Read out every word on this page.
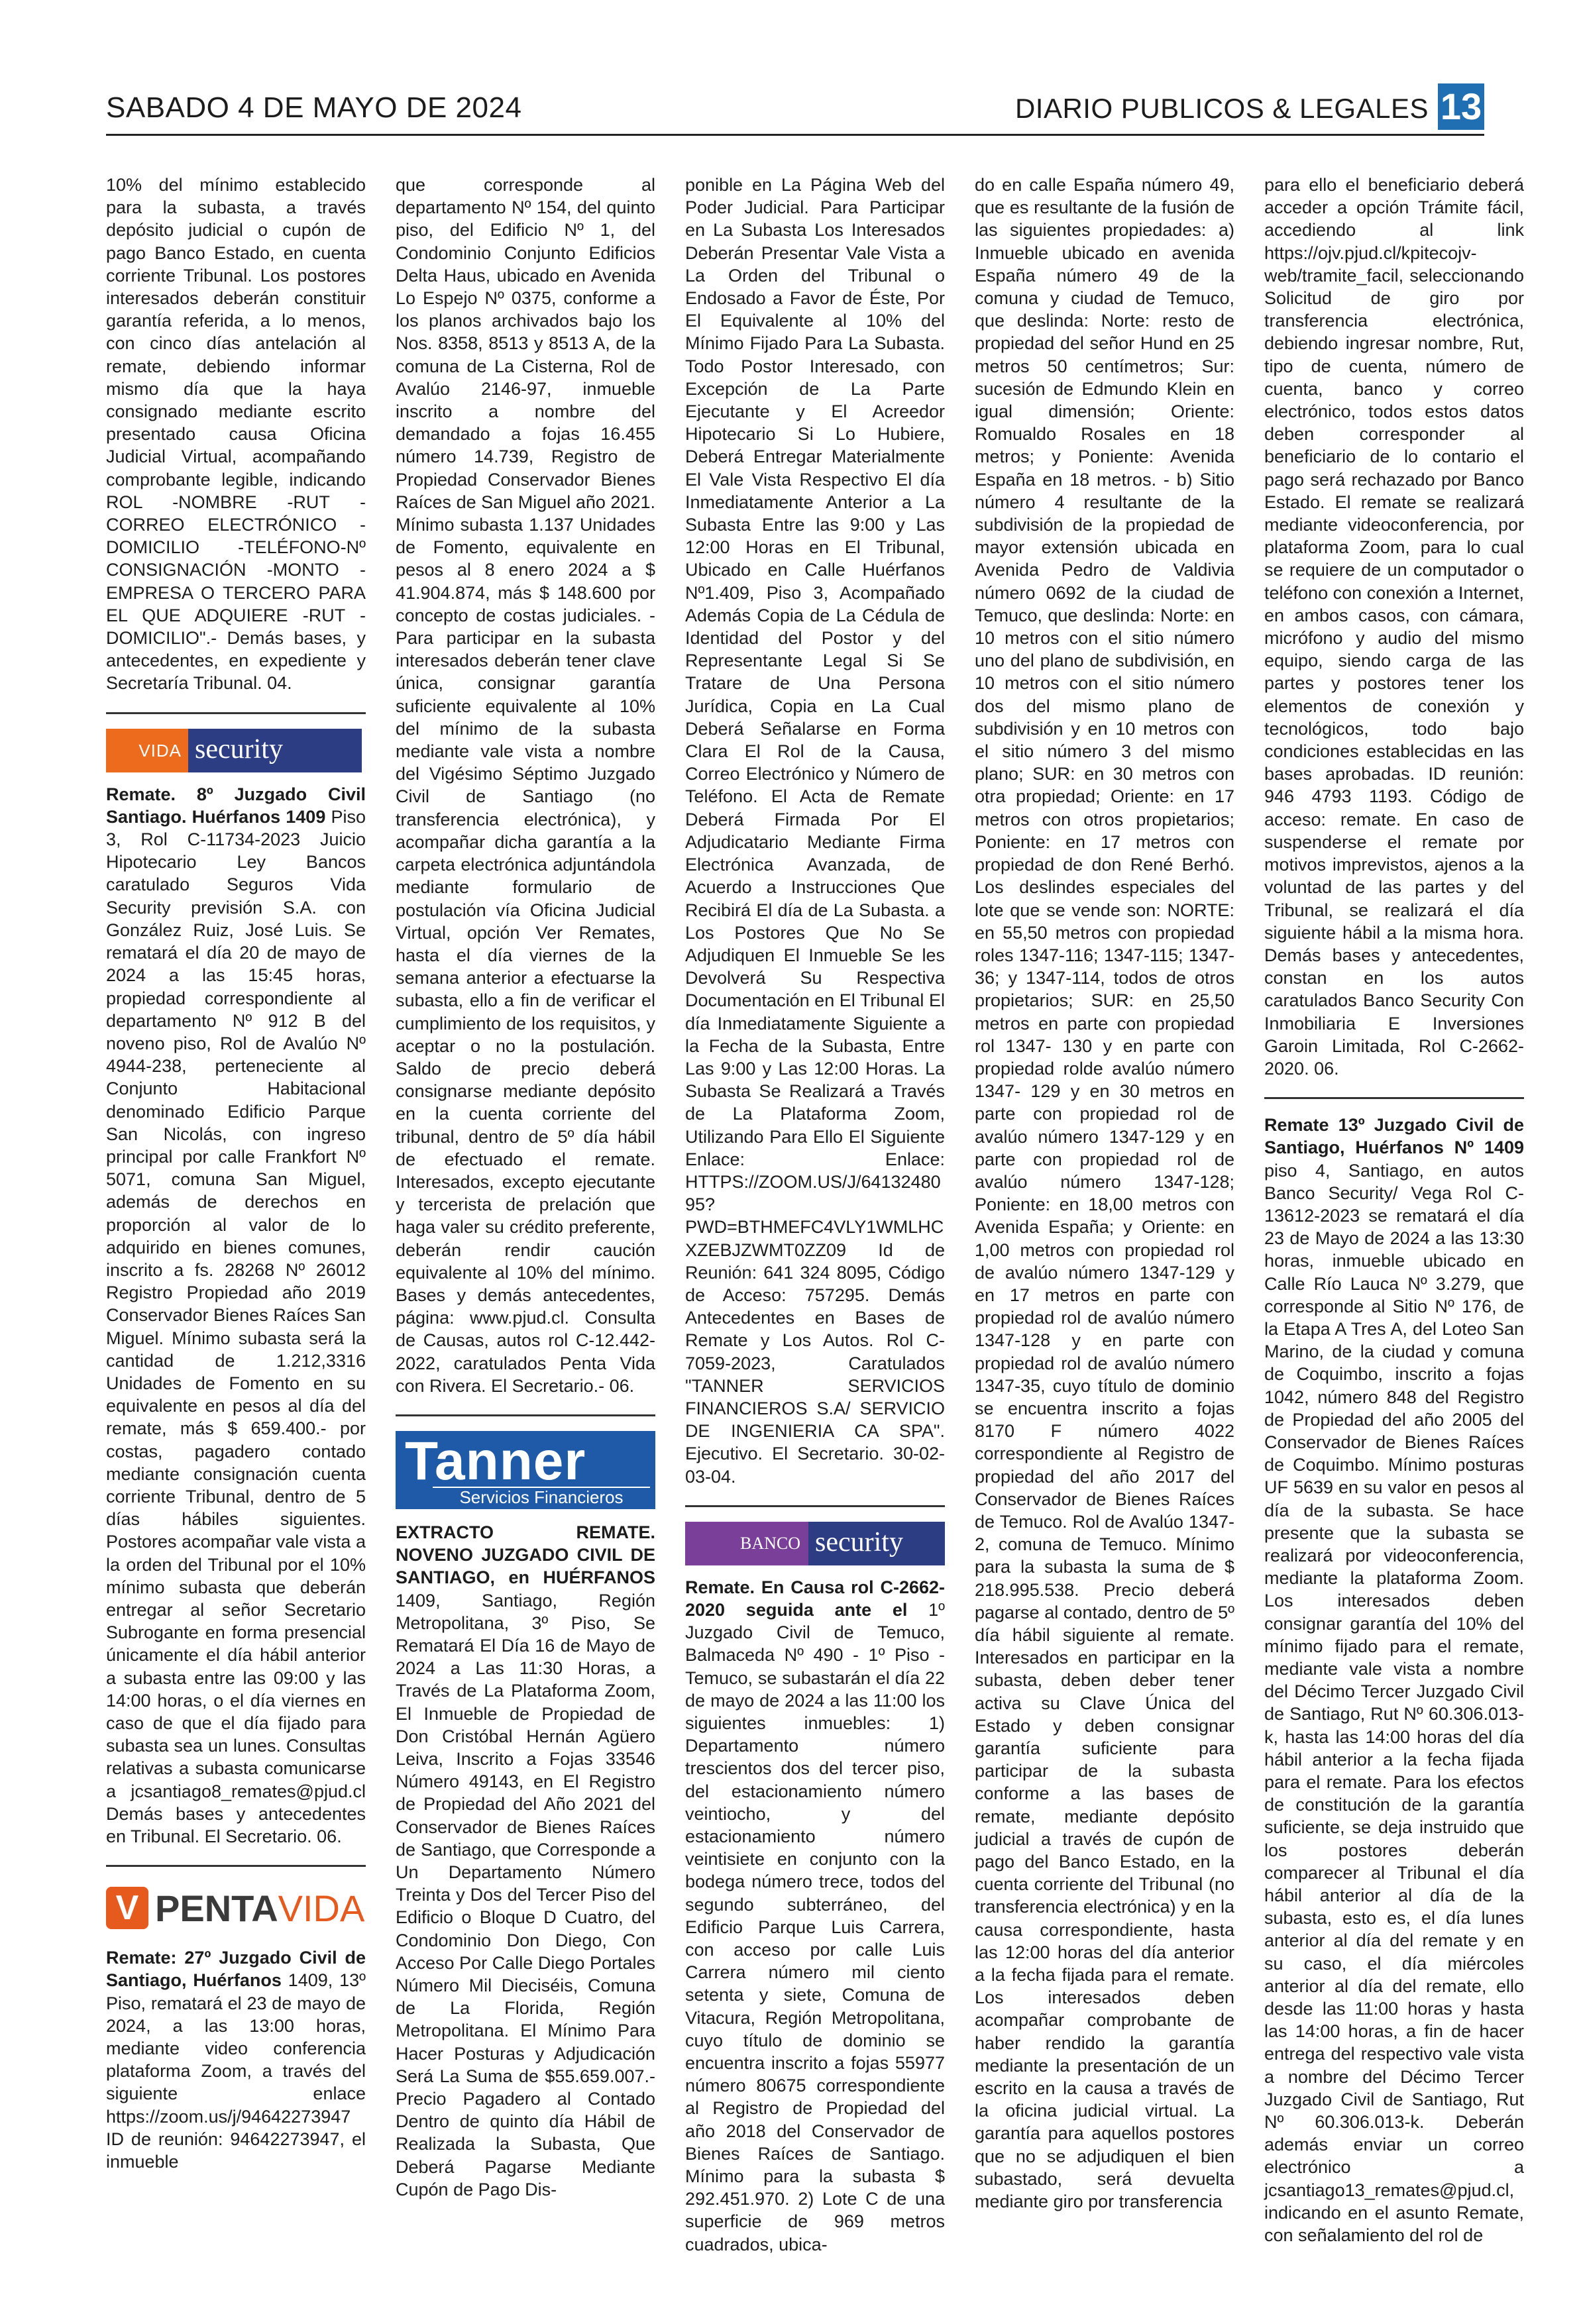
SABADO 4 DE MAYO DE 2024	DIARIO PUBLICOS & LEGALES 13

10% del mínimo establecido para la subasta, a través depósito judicial o cupón de pago Banco Estado, en cuenta corriente Tribunal. Los postores interesados deberán constituir garantía referida, a lo menos, con cinco días antelación al remate, debiendo informar mismo día que la haya consignado mediante escrito presentado causa Oficina Judicial Virtual, acompañando comprobante legible, indicando ROL -NOMBRE -RUT -CORREO ELECTRÓNICO -DOMICILIO -TELÉFONO-Nº CONSIGNACIÓN -MONTO -EMPRESA O TERCERO PARA EL QUE ADQUIERE -RUT -DOMICILIO".- Demás bases, y antecedentes, en expediente y Secretaría Tribunal. 04.

VIDA security

Remate. 8º Juzgado Civil Santiago. Huérfanos 1409 Piso 3, Rol C-11734-2023 Juicio Hipotecario Ley Bancos caratulado Seguros Vida Security previsión S.A. con González Ruiz, José Luis. Se rematará el día 20 de mayo de 2024 a las 15:45 horas, propiedad correspondiente al departamento Nº 912 B del noveno piso, Rol de Avalúo Nº 4944-238, perteneciente al Conjunto Habitacional denominado Edificio Parque San Nicolás, con ingreso principal por calle Frankfort Nº 5071, comuna San Miguel, además de derechos en proporción al valor de lo adquirido en bienes comunes, inscrito a fs. 28268 Nº 26012 Registro Propiedad año 2019 Conservador Bienes Raíces San Miguel. Mínimo subasta será la cantidad de 1.212,3316 Unidades de Fomento en su equivalente en pesos al día del remate, más $ 659.400.- por costas, pagadero contado mediante consignación cuenta corriente Tribunal, dentro de 5 días hábiles siguientes. Postores acompañar vale vista a la orden del Tribunal por el 10% mínimo subasta que deberán entregar al señor Secretario Subrogante en forma presencial únicamente el día hábil anterior a subasta entre las 09:00 y las 14:00 horas, o el día viernes en caso de que el día fijado para subasta sea un lunes. Consultas relativas a subasta comunicarse a jcsantiago8_remates@pjud.cl Demás bases y antecedentes en Tribunal. El Secretario. 06.

V PENTAVIDA

Remate: 27º Juzgado Civil de Santiago, Huérfanos 1409, 13º Piso, rematará el 23 de mayo de 2024, a las 13:00 horas, mediante video conferencia plataforma Zoom, a través del siguiente enlace https://zoom.us/j/94642273947 ID de reunión: 94642273947, el inmueble

que corresponde al departamento Nº 154, del quinto piso, del Edificio Nº 1, del Condominio Conjunto Edificios Delta Haus, ubicado en Avenida Lo Espejo Nº 0375, conforme a los planos archivados bajo los Nos. 8358, 8513 y 8513 A, de la comuna de La Cisterna, Rol de Avalúo 2146-97, inmueble inscrito a nombre del demandado a fojas 16.455 número 14.739, Registro de Propiedad Conservador Bienes Raíces de San Miguel año 2021. Mínimo subasta 1.137 Unidades de Fomento, equivalente en pesos al 8 enero 2024 a $ 41.904.874, más $ 148.600 por concepto de costas judiciales. - Para participar en la subasta interesados deberán tener clave única, consignar garantía suficiente equivalente al 10% del mínimo de la subasta mediante vale vista a nombre del Vigésimo Séptimo Juzgado Civil de Santiago (no transferencia electrónica), y acompañar dicha garantía a la carpeta electrónica adjuntándola mediante formulario de postulación vía Oficina Judicial Virtual, opción Ver Remates, hasta el día viernes de la semana anterior a efectuarse la subasta, ello a fin de verificar el cumplimiento de los requisitos, y aceptar o no la postulación. Saldo de precio deberá consignarse mediante depósito en la cuenta corriente del tribunal, dentro de 5º día hábil de efectuado el remate. Interesados, excepto ejecutante y tercerista de prelación que haga valer su crédito preferente, deberán rendir caución equivalente al 10% del mínimo. Bases y demás antecedentes, página: www.pjud.cl. Consulta de Causas, autos rol C-12.442-2022, caratulados Penta Vida con Rivera. El Secretario.- 06.

Tanner
Servicios Financieros

EXTRACTO REMATE. NOVENO JUZGADO CIVIL DE SANTIAGO, en HUÉRFANOS 1409, Santiago, Región Metropolitana, 3º Piso, Se Rematará El Día 16 de Mayo de 2024 a Las 11:30 Horas, a Través de La Plataforma Zoom, El Inmueble de Propiedad de Don Cristóbal Hernán Agüero Leiva, Inscrito a Fojas 33546 Número 49143, en El Registro de Propiedad del Año 2021 del Conservador de Bienes Raíces de Santiago, que Corresponde a Un Departamento Número Treinta y Dos del Tercer Piso del Edificio o Bloque D Cuatro, del Condominio Don Diego, Con Acceso Por Calle Diego Portales Número Mil Dieciséis, Comuna de La Florida, Región Metropolitana. El Mínimo Para Hacer Posturas y Adjudicación Será La Suma de $55.659.007.- Precio Pagadero al Contado Dentro de quinto día Hábil de Realizada la Subasta, Que Deberá Pagarse Mediante Cupón de Pago Dis-

ponible en La Página Web del Poder Judicial. Para Participar en La Subasta Los Interesados Deberán Presentar Vale Vista a La Orden del Tribunal o Endosado a Favor de Éste, Por El Equivalente al 10% del Mínimo Fijado Para La Subasta. Todo Postor Interesado, con Excepción de La Parte Ejecutante y El Acreedor Hipotecario Si Lo Hubiere, Deberá Entregar Materialmente El Vale Vista Respectivo El día Inmediatamente Anterior a La Subasta Entre las 9:00 y Las 12:00 Horas en El Tribunal, Ubicado en Calle Huérfanos Nº1.409, Piso 3, Acompañado Además Copia de La Cédula de Identidad del Postor y del Representante Legal Si Se Tratare de Una Persona Jurídica, Copia en La Cual Deberá Señalarse en Forma Clara El Rol de la Causa, Correo Electrónico y Número de Teléfono. El Acta de Remate Deberá Firmada Por El Adjudicatario Mediante Firma Electrónica Avanzada, de Acuerdo a Instrucciones Que Recibirá El día de La Subasta. a Los Postores Que No Se Adjudiquen El Inmueble Se les Devolverá Su Respectiva Documentación en El Tribunal El día Inmediatamente Siguiente a la Fecha de la Subasta, Entre Las 9:00 y Las 12:00 Horas. La Subasta Se Realizará a Través de La Plataforma Zoom, Utilizando Para Ello El Siguiente Enlace: Enlace: HTTPS://ZOOM.US/J/6413248095? PWD=BTHMEFC4VLY1WMLHCXZEBJZWMT0ZZ09 Id de Reunión: 641 324 8095, Código de Acceso: 757295. Demás Antecedentes en Bases de Remate y Los Autos. Rol C-7059-2023, Caratulados "TANNER SERVICIOS FINANCIEROS S.A/ SERVICIO DE INGENIERIA CA SPA". Ejecutivo. El Secretario. 30-02-03-04.

BANCO security

Remate. En Causa rol C-2662-2020 seguida ante el 1º Juzgado Civil de Temuco, Balmaceda Nº 490 - 1º Piso - Temuco, se subastarán el día 22 de mayo de 2024 a las 11:00 los siguientes inmuebles: 1) Departamento número trescientos dos del tercer piso, del estacionamiento número veintiocho, y del estacionamiento número veintisiete en conjunto con la bodega número trece, todos del segundo subterráneo, del Edificio Parque Luis Carrera, con acceso por calle Luis Carrera número mil ciento setenta y siete, Comuna de Vitacura, Región Metropolitana, cuyo título de dominio se encuentra inscrito a fojas 55977 número 80675 correspondiente al Registro de Propiedad del año 2018 del Conservador de Bienes Raíces de Santiago. Mínimo para la subasta $ 292.451.970. 2) Lote C de una superficie de 969 metros cuadrados, ubica-

do en calle España número 49, que es resultante de la fusión de las siguientes propiedades: a) Inmueble ubicado en avenida España número 49 de la comuna y ciudad de Temuco, que deslinda: Norte: resto de propiedad del señor Hund en 25 metros 50 centímetros; Sur: sucesión de Edmundo Klein en igual dimensión; Oriente: Romualdo Rosales en 18 metros; y Poniente: Avenida España en 18 metros. - b) Sitio número 4 resultante de la subdivisión de la propiedad de mayor extensión ubicada en Avenida Pedro de Valdivia número 0692 de la ciudad de Temuco, que deslinda: Norte: en 10 metros con el sitio número uno del plano de subdivisión, en 10 metros con el sitio número dos del mismo plano de subdivisión y en 10 metros con el sitio número 3 del mismo plano; SUR: en 30 metros con otra propiedad; Oriente: en 17 metros con otros propietarios; Poniente: en 17 metros con propiedad de don René Berhó. Los deslindes especiales del lote que se vende son: NORTE: en 55,50 metros con propiedad roles 1347-116; 1347-115; 1347-36; y 1347-114, todos de otros propietarios; SUR: en 25,50 metros en parte con propiedad rol 1347- 130 y en parte con propiedad rolde avalúo número 1347- 129 y en 30 metros en parte con propiedad rol de avalúo número 1347-129 y en parte con propiedad rol de avalúo número 1347-128; Poniente: en 18,00 metros con Avenida España; y Oriente: en 1,00 metros con propiedad rol de avalúo número 1347-129 y en 17 metros en parte con propiedad rol de avalúo número 1347-128 y en parte con propiedad rol de avalúo número 1347-35, cuyo título de dominio se encuentra inscrito a fojas 8170 F número 4022 correspondiente al Registro de propiedad del año 2017 del Conservador de Bienes Raíces de Temuco. Rol de Avalúo 1347-2, comuna de Temuco. Mínimo para la subasta la suma de $ 218.995.538. Precio deberá pagarse al contado, dentro de 5º día hábil siguiente al remate. Interesados en participar en la subasta, deben deber tener activa su Clave Única del Estado y deben consignar garantía suficiente para participar de la subasta conforme a las bases de remate, mediante depósito judicial a través de cupón de pago del Banco Estado, en la cuenta corriente del Tribunal (no transferencia electrónica) y en la causa correspondiente, hasta las 12:00 horas del día anterior a la fecha fijada para el remate. Los interesados deben acompañar comprobante de haber rendido la garantía mediante la presentación de un escrito en la causa a través de la oficina judicial virtual. La garantía para aquellos postores que no se adjudiquen el bien subastado, será devuelta mediante giro por transferencia

para ello el beneficiario deberá acceder a opción Trámite fácil, accediendo al link https://ojv.pjud.cl/kpitecojv-web/tramite_facil, seleccionando Solicitud de giro por transferencia electrónica, debiendo ingresar nombre, Rut, tipo de cuenta, número de cuenta, banco y correo electrónico, todos estos datos deben corresponder al beneficiario de lo contario el pago será rechazado por Banco Estado. El remate se realizará mediante videoconferencia, por plataforma Zoom, para lo cual se requiere de un computador o teléfono con conexión a Internet, en ambos casos, con cámara, micrófono y audio del mismo equipo, siendo carga de las partes y postores tener los elementos de conexión y tecnológicos, todo bajo condiciones establecidas en las bases aprobadas. ID reunión: 946 4793 1193. Código de acceso: remate. En caso de suspenderse el remate por motivos imprevistos, ajenos a la voluntad de las partes y del Tribunal, se realizará el día siguiente hábil a la misma hora. Demás bases y antecedentes, constan en los autos caratulados Banco Security Con Inmobiliaria E Inversiones Garoin Limitada, Rol C-2662-2020. 06.

Remate 13º Juzgado Civil de Santiago, Huérfanos Nº 1409 piso 4, Santiago, en autos Banco Security/ Vega Rol C-13612-2023 se rematará el día 23 de Mayo de 2024 a las 13:30 horas, inmueble ubicado en Calle Río Lauca Nº 3.279, que corresponde al Sitio Nº 176, de la Etapa A Tres A, del Loteo San Marino, de la ciudad y comuna de Coquimbo, inscrito a fojas 1042, número 848 del Registro de Propiedad del año 2005 del Conservador de Bienes Raíces de Coquimbo. Mínimo posturas UF 5639 en su valor en pesos al día de la subasta. Se hace presente que la subasta se realizará por videoconferencia, mediante la plataforma Zoom. Los interesados deben consignar garantía del 10% del mínimo fijado para el remate, mediante vale vista a nombre del Décimo Tercer Juzgado Civil de Santiago, Rut Nº 60.306.013-k, hasta las 14:00 horas del día hábil anterior a la fecha fijada para el remate. Para los efectos de constitución de la garantía suficiente, se deja instruido que los postores deberán comparecer al Tribunal el día hábil anterior al día de la subasta, esto es, el día lunes anterior al día del remate y en su caso, el día miércoles anterior al día del remate, ello desde las 11:00 horas y hasta las 14:00 horas, a fin de hacer entrega del respectivo vale vista a nombre del Décimo Tercer Juzgado Civil de Santiago, Rut Nº 60.306.013-k. Deberán además enviar un correo electrónico a jcsantiago13_remates@pjud.cl, indicando en el asunto Remate, con señalamiento del rol de
